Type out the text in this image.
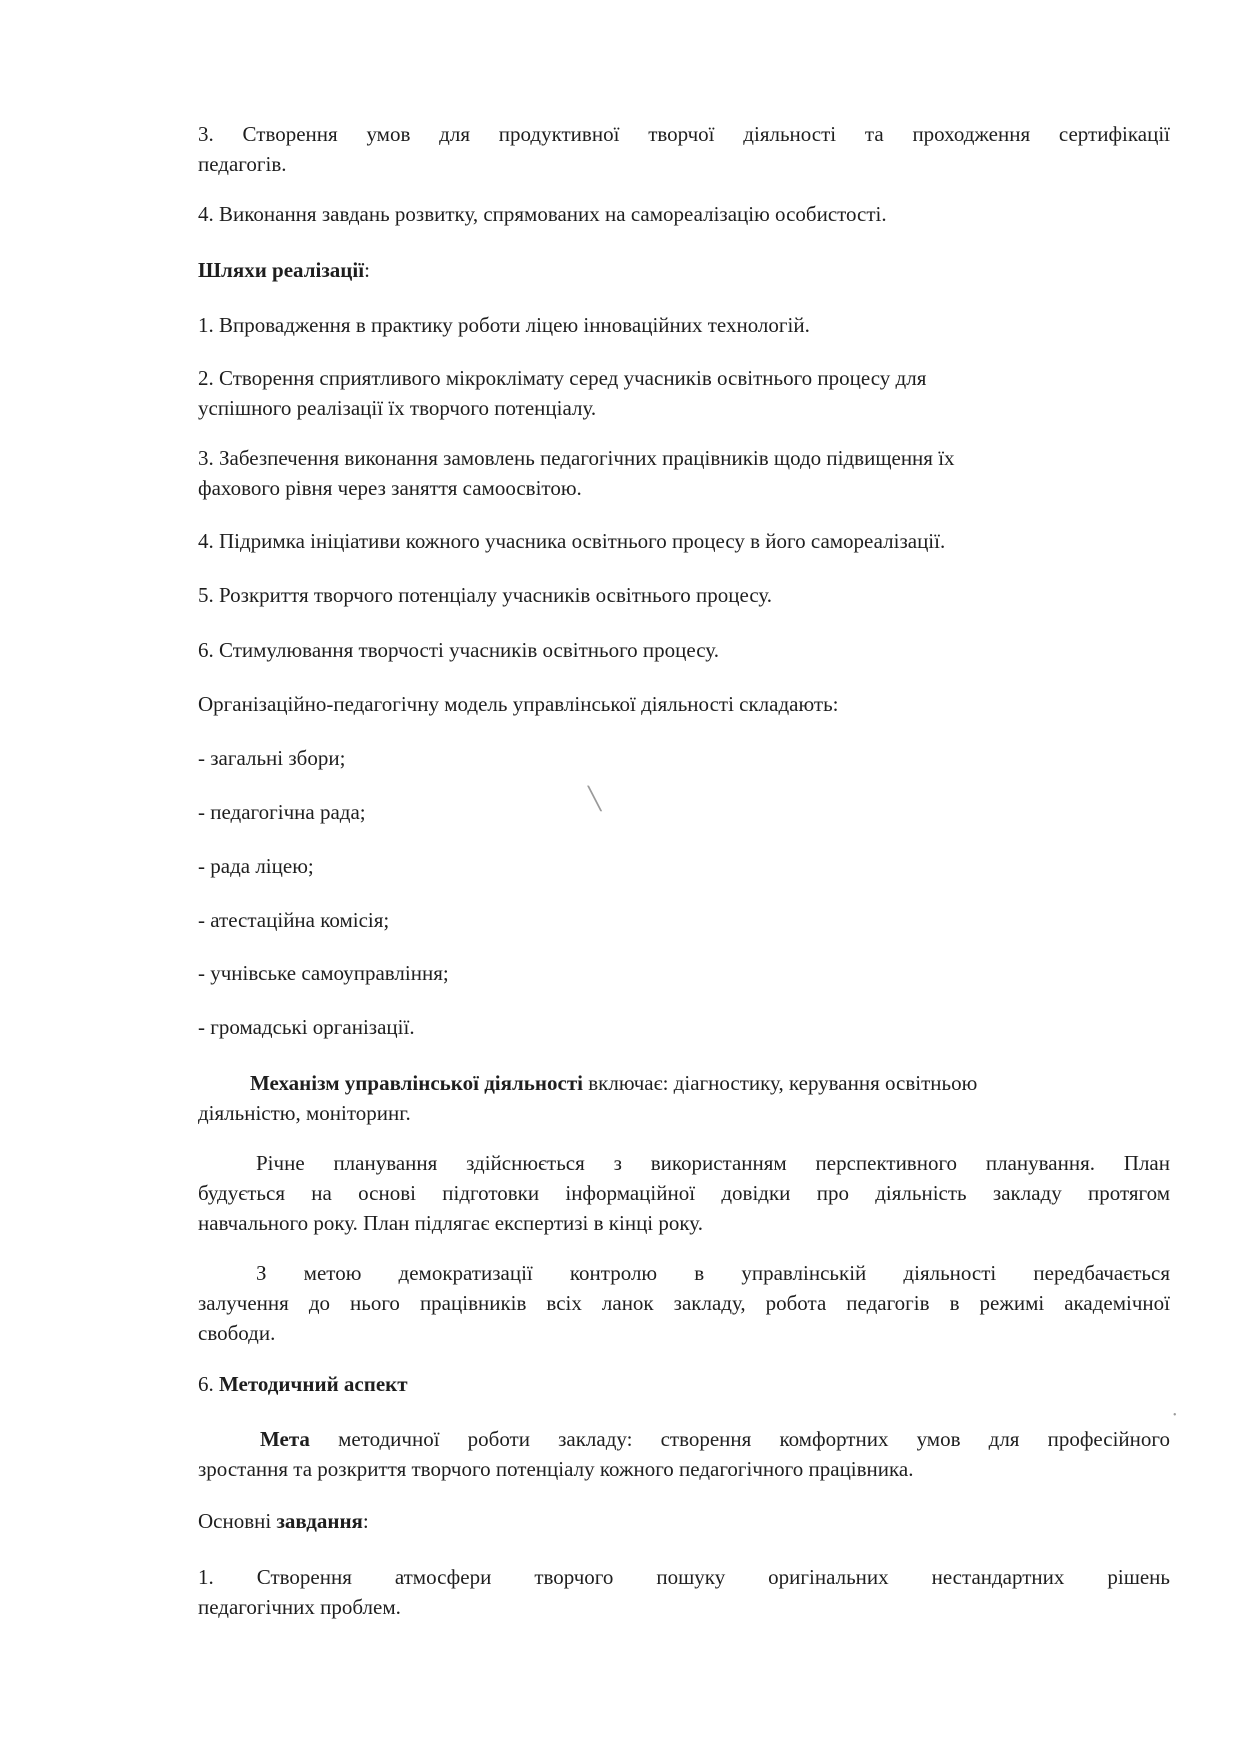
3. Створення умов для продуктивної творчої діяльності та проходження сертифікації
педагогів.

4. Виконання завдань розвитку, спрямованих на самореалізацію особистості.

Шляхи реалізації:

1. Впровадження в практику роботи ліцею інноваційних технологій.

2. Створення сприятливого мікроклімату серед учасників освітнього процесу для
успішного реалізації їх творчого потенціалу.

3. Забезпечення виконання замовлень педагогічних працівників щодо підвищення їх
фахового рівня через заняття самоосвітою.

4. Підримка ініціативи кожного учасника освітнього процесу в його самореалізації.

5. Розкриття творчого потенціалу учасників освітнього процесу.

6. Стимулювання творчості учасників освітнього процесу.

Організаційно-педагогічну модель управлінської діяльності складають:

- загальні збори;

- педагогічна рада;

- рада ліцею;

- атестаційна комісія;

- учнівське самоуправління;

- громадські організації.

Механізм управлінської діяльності включає: діагностику, керування освітньою
діяльністю, моніторинг.

Річне планування здійснюється з використанням перспективного планування. План
будується на основі підготовки інформаційної довідки про діяльність закладу протягом
навчального року. План підлягає експертизі в кінці року.

З метою демократизації контролю в управлінській діяльності передбачається
залучення до нього працівників всіх ланок закладу, робота педагогів в режимі академічної
свободи.

6. Методичний аспект

Мета методичної роботи закладу: створення комфортних умов для професійного
зростання та розкриття творчого потенціалу кожного педагогічного працівника.

Основні завдання:

1. Створення атмосфери творчого пошуку оригінальних нестандартних рішень
педагогічних проблем.

╲
•
